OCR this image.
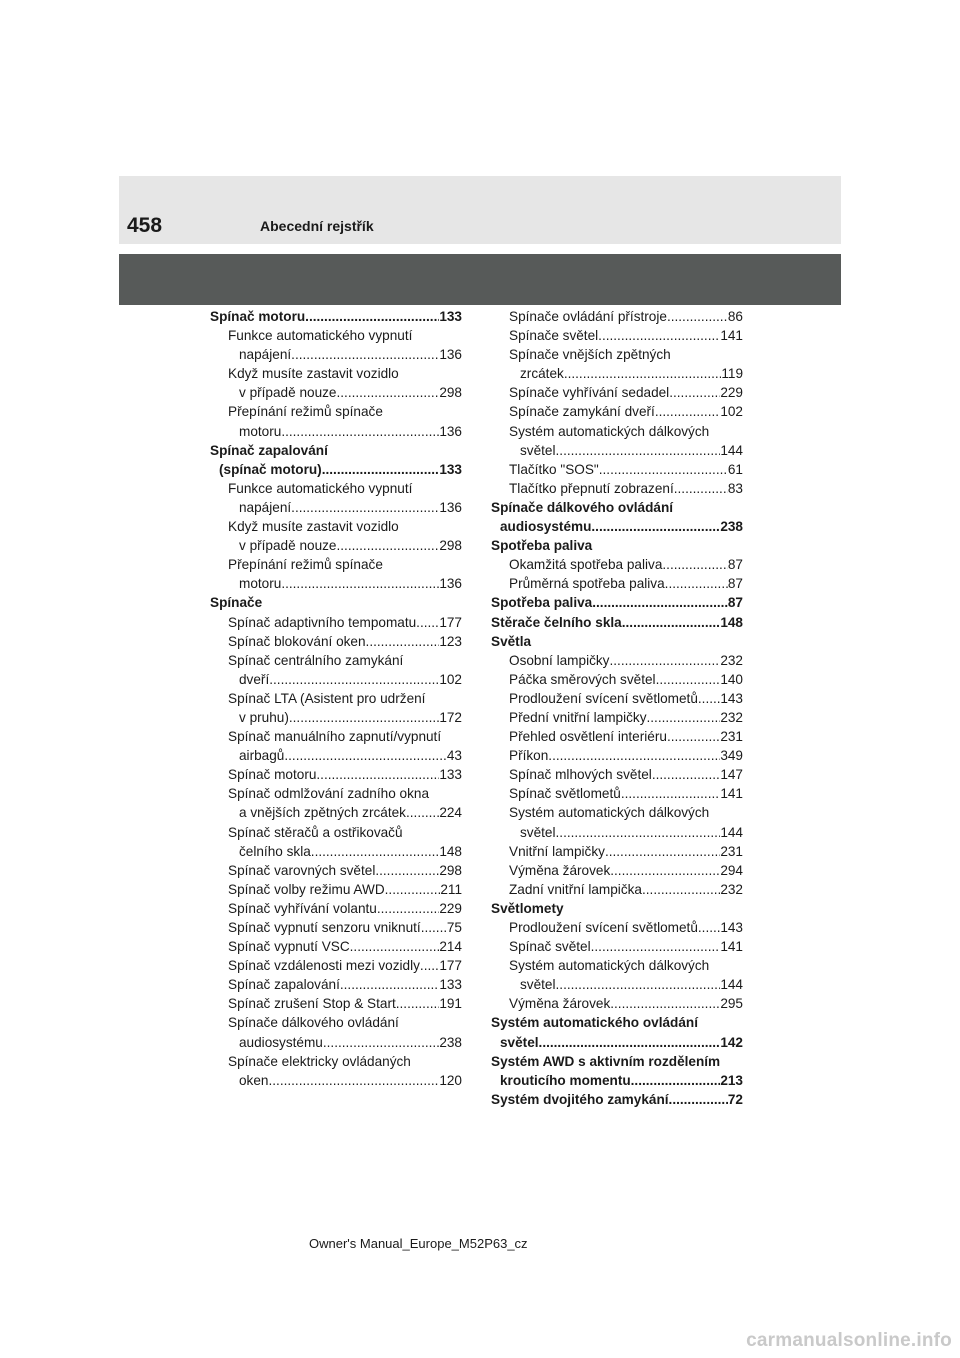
458	Abecední rejstřík
Spínač motoru .....	133
Funkce automatického vypnutí
napájení .....	136
Když musíte zastavit vozidlo
v případě nouze .....	298
Přepínání režimů spínače
motoru .....	136
Spínač zapalování
(spínač motoru) .....	133
Funkce automatického vypnutí
napájení .....	136
Když musíte zastavit vozidlo
v případě nouze .....	298
Přepínání režimů spínače
motoru .....	136
Spínače
Spínač adaptivního tempomatu ..... 177
Spínač blokování oken .....	123
Spínač centrálního zamykání
dveří .....	102
Spínač LTA (Asistent pro udržení
v pruhu) .....	172
Spínač manuálního zapnutí/vypnutí
airbagů .....	43
Spínač motoru .....	133
Spínač odmlžování zadního okna
a vnějších zpětných zrcátek ..... 224
Spínač stěračů a ostřikovačů
čelního skla .....	148
Spínač varovných světel .....	298
Spínač volby režimu AWD .....	211
Spínač vyhřívání volantu .....	229
Spínač vypnutí senzoru vniknutí ..... 75
Spínač vypnutí VSC .....	214
Spínač vzdálenosti mezi vozidly ..... 177
Spínač zapalování .....	133
Spínač zrušení Stop & Start .....	191
Spínače dálkového ovládání
audiosystému .....	238
Spínače elektricky ovládaných
oken .....	120
Spínače ovládání přístroje .....	86
Spínače světel .....	141
Spínače vnějších zpětných
zrcátek .....	119
Spínače vyhřívání sedadel .....	229
Spínače zamykání dveří .....	102
Systém automatických dálkových
světel .....	144
Tlačítko "SOS" .....	61
Tlačítko přepnutí zobrazení .....	83
Spínače dálkového ovládání
audiosystému .....	238
Spotřeba paliva
Okamžitá spotřeba paliva .....	87
Průměrná spotřeba paliva .....	87
Spotřeba paliva .....	87
Stěrače čelního skla .....	148
Světla
Osobní lampičky .....	232
Páčka směrových světel .....	140
Prodloužení svícení světlometů ..... 143
Přední vnitřní lampičky .....	232
Přehled osvětlení interiéru .....	231
Příkon .....	349
Spínač mlhových světel .....	147
Spínač světlometů .....	141
Systém automatických dálkových
světel .....	144
Vnitřní lampičky .....	231
Výměna žárovek .....	294
Zadní vnitřní lampička .....	232
Světlomety
Prodloužení svícení světlometů ..... 143
Spínač světel .....	141
Systém automatických dálkových
světel .....	144
Výměna žárovek .....	295
Systém automatického ovládání
světel .....	142
Systém AWD s aktivním rozdělením
krouticího momentu .....	213
Systém dvojitého zamykání .....	72
Owner's Manual_Europe_M52P63_cz
carmanualsonline.info
